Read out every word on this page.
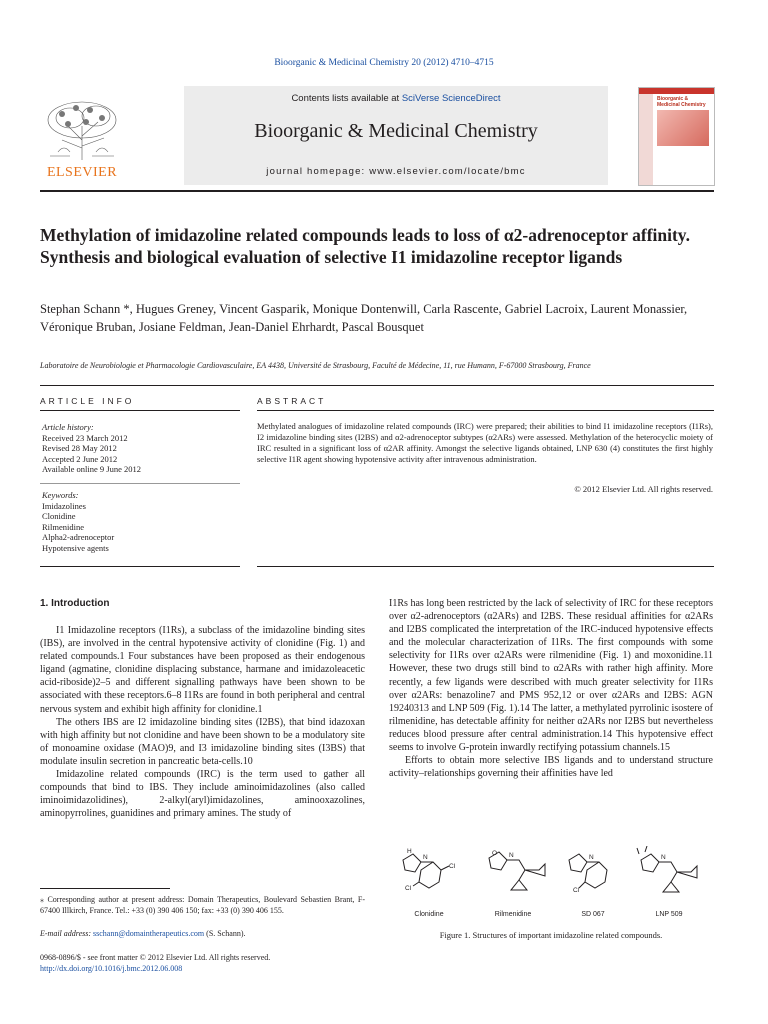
Bioorganic & Medicinal Chemistry 20 (2012) 4710–4715
Contents lists available at SciVerse ScienceDirect
Bioorganic & Medicinal Chemistry
journal homepage: www.elsevier.com/locate/bmc
ELSEVIER
Bioorganic & Medicinal Chemistry
Methylation of imidazoline related compounds leads to loss of α2-adrenoceptor affinity. Synthesis and biological evaluation of selective I1 imidazoline receptor ligands
Stephan Schann *, Hugues Greney, Vincent Gasparik, Monique Dontenwill, Carla Rascente, Gabriel Lacroix, Laurent Monassier, Véronique Bruban, Josiane Feldman, Jean-Daniel Ehrhardt, Pascal Bousquet
Laboratoire de Neurobiologie et Pharmacologie Cardiovasculaire, EA 4438, Université de Strasbourg, Faculté de Médecine, 11, rue Humann, F-67000 Strasbourg, France
ARTICLE INFO	ABSTRACT
Article history:
Received 23 March 2012
Revised 28 May 2012
Accepted 2 June 2012
Available online 9 June 2012
Keywords:
Imidazolines
Clonidine
Rilmenidine
Alpha2-adrenoceptor
Hypotensive agents
Methylated analogues of imidazoline related compounds (IRC) were prepared; their abilities to bind I1 imidazoline receptors (I1Rs), I2 imidazoline binding sites (I2BS) and α2-adrenoceptor subtypes (α2ARs) were assessed. Methylation of the heterocyclic moiety of IRC resulted in a significant loss of α2AR affinity. Amongst the selective ligands obtained, LNP 630 (4) constitutes the first highly selective I1R agent showing hypotensive activity after intravenous administration.
© 2012 Elsevier Ltd. All rights reserved.
1. Introduction

I1 Imidazoline receptors (I1Rs), a subclass of the imidazoline binding sites (IBS), are involved in the central hypotensive activity of clonidine (Fig. 1) and related compounds.1 Four substances have been proposed as their endogenous ligand (agmatine, clonidine displacing substance, harmane and imidazoleacetic acid-riboside)2–5 and different signalling pathways have been shown to be associated with these receptors.6–8 I1Rs are found in both peripheral and central nervous system and exhibit high affinity for clonidine.1

The others IBS are I2 imidazoline binding sites (I2BS), that bind idazoxan with high affinity but not clonidine and have been shown to be a modulatory site of monoamine oxidase (MAO)9, and I3 imidazoline binding sites (I3BS) that modulate insulin secretion in pancreatic beta-cells.10

Imidazoline related compounds (IRC) is the term used to gather all compounds that bind to IBS. They include aminoimidazolines (also called iminoimidazolidines), 2-alkyl(aryl)imidazolines, aminooxazolines, aminopyrrolines, guanidines and primary amines. The study of

I1Rs has long been restricted by the lack of selectivity of IRC for these receptors over α2-adrenoceptors (α2ARs) and I2BS. These residual affinities for α2ARs and I2BS complicated the interpretation of the IRC-induced hypotensive effects and the molecular characterization of I1Rs. The first compounds with some selectivity for I1Rs over α2ARs were rilmenidine (Fig. 1) and moxonidine.11 However, these two drugs still bind to α2ARs with rather high affinity. More recently, a few ligands were described with much greater selectivity for I1Rs over α2ARs: benazoline7 and PMS 952,12 or over α2ARs and I2BS: AGN 19240313 and LNP 509 (Fig. 1).14 The latter, a methylated pyrrolinic isostere of rilmenidine, has detectable affinity for neither α2ARs nor I2BS but nevertheless reduces blood pressure after central administration.14 This hypotensive effect seems to involve G-protein inwardly rectifying potassium channels.15

Efforts to obtain more selective IBS ligands and to understand structure activity–relationships governing their affinities have led

⁎ Corresponding author at present address: Domain Therapeutics, Boulevard Sebastien Brant, F-67400 Illkirch, France. Tel.: +33 (0) 390 406 150; fax: +33 (0) 390 406 155.
E-mail address: sschann@domaintherapeutics.com (S. Schann).
0968-0896/$ - see front matter © 2012 Elsevier Ltd. All rights reserved.
http://dx.doi.org/10.1016/j.bmc.2012.06.008
H
N
Cl
Cl
O N	N
Cl
N
Clonidine	Rilmenidine	SD 067	LNP 509
Figure 1. Structures of important imidazoline related compounds.
